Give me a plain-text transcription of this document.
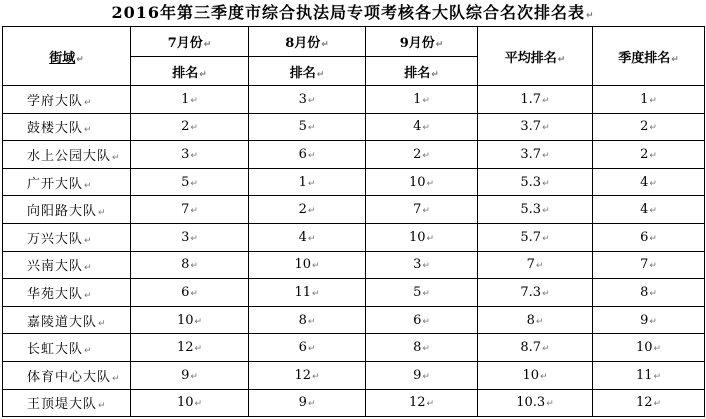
2016年第三季度市综合执法局专项考核各大队综合名次排名表↵
街域↵	7月份↵	8月份↵	9月份↵	平均排名↵	季度排名↵
	排名↵	排名↵	排名↵		
学府大队↵	1↵	3↵	1↵	1.7↵	1↵
鼓楼大队↵	2↵	5↵	4↵	3.7↵	2↵
水上公园大队↵	3↵	6↵	2↵	3.7↵	2↵
广开大队↵	5↵	1↵	10↵	5.3↵	4↵
向阳路大队↵	7↵	2↵	7↵	5.3↵	4↵
万兴大队↵	3↵	4↵	10↵	5.7↵	6↵
兴南大队↵	8↵	10↵	3↵	7↵	7↵
华苑大队↵	6↵	11↵	5↵	7.3↵	8↵
嘉陵道大队↵	10↵	8↵	6↵	8↵	9↵
长虹大队↵	12↵	6↵	8↵	8.7↵	10↵
体育中心大队↵	9↵	12↵	9↵	10↵	11↵
王顶堤大队↵	10↵	9↵	12↵	10.3↵	12↵
